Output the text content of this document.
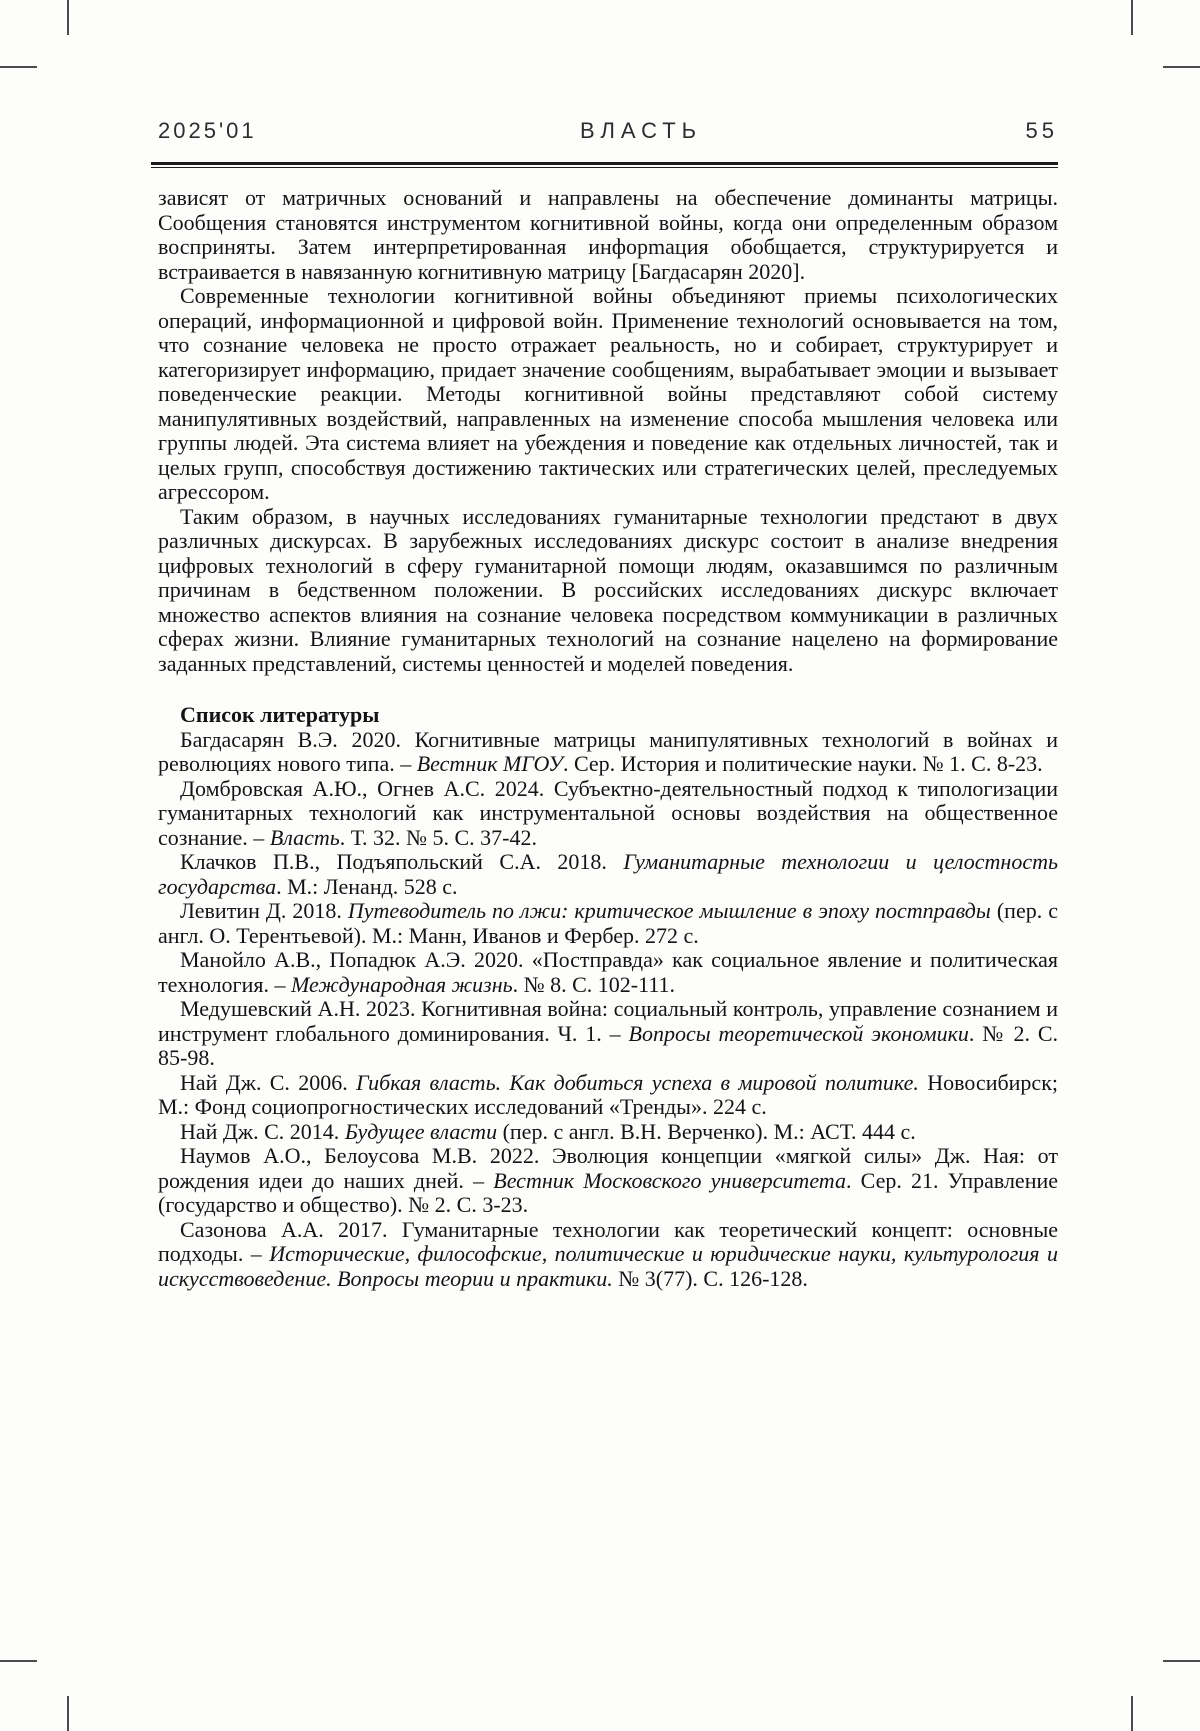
2025'01	ВЛАСТЬ	55

зависят от матричных оснований и направлены на обеспечение доминанты матрицы. Сообщения становятся инструментом когнитивной войны, когда они определенным образом восприняты. Затем интерпретированная инфорmация обобщается, структурируется и встраивается в навязанную когнитивную матрицу [Багдасарян 2020].

Современные технологии когнитивной войны объединяют приемы психологических операций, информационной и цифровой войн. Применение технологий основывается на том, что сознание человека не просто отражает реальность, но и собирает, структурирует и категоризирует информацию, придает значение сообщениям, вырабатывает эмоции и вызывает поведенческие реакции. Методы когнитивной войны представляют собой систему манипулятивных воздействий, направленных на изменение способа мышления человека или группы людей. Эта система влияет на убеждения и поведение как отдельных личностей, так и целых групп, способствуя достижению тактических или стратегических целей, преследуемых агрессором.

Таким образом, в научных исследованиях гуманитарные технологии предстают в двух различных дискурсах. В зарубежных исследованиях дискурс состоит в анализе внедрения цифровых технологий в сферу гуманитарной помощи людям, оказавшимся по различным причинам в бедственном положении. В российских исследованиях дискурс включает множество аспектов влияния на сознание человека посредством коммуникации в различных сферах жизни. Влияние гуманитарных технологий на сознание нацелено на формирование заданных представлений, системы ценностей и моделей поведения.

Список литературы

Багдасарян В.Э. 2020. Когнитивные матрицы манипулятивных технологий в войнах и революциях нового типа. – Вестник МГОУ. Сер. История и политические науки. № 1. С. 8-23.

Домбровская А.Ю., Огнев А.С. 2024. Субъектно-деятельностный подход к типологизации гуманитарных технологий как инструментальной основы воздействия на общественное сознание. – Власть. Т. 32. № 5. С. 37-42.

Клачков П.В., Подъяпольский С.А. 2018. Гуманитарные технологии и целостность государства. М.: Ленанд. 528 с.

Левитин Д. 2018. Путеводитель по лжи: критическое мышление в эпоху постправды (пер. с англ. О. Терентьевой). М.: Манн, Иванов и Фербер. 272 с.

Манойло А.В., Попадюк А.Э. 2020. «Постправда» как социальное явление и политическая технология. – Международная жизнь. № 8. С. 102-111.

Медушевский А.Н. 2023. Когнитивная война: социальный контроль, управление сознанием и инструмент глобального доминирования. Ч. 1. – Вопросы теоретической экономики. № 2. С. 85-98.

Най Дж. С. 2006. Гибкая власть. Как добиться успеха в мировой политике. Новосибирск; М.: Фонд социопрогностических исследований «Тренды». 224 с.

Най Дж. С. 2014. Будущее власти (пер. с англ. В.Н. Верченко). М.: АСТ. 444 с.

Наумов А.О., Белоусова М.В. 2022. Эволюция концепции «мягкой силы» Дж. Ная: от рождения идеи до наших дней. – Вестник Московского университета. Сер. 21. Управление (государство и общество). № 2. С. 3-23.

Сазонова А.А. 2017. Гуманитарные технологии как теоретический концепт: основные подходы. – Исторические, философские, политические и юридические науки, культурология и искусствоведение. Вопросы теории и практики. № 3(77). С. 126-128.
